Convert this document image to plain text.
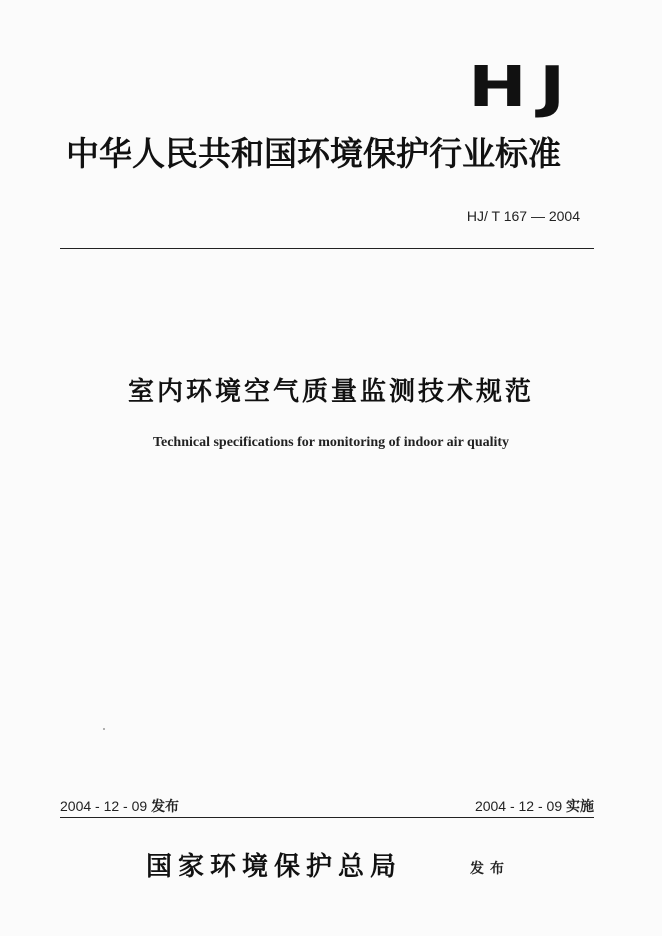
HJ
中华人民共和国环境保护行业标准
HJ/ T 167 — 2004
室内环境空气质量监测技术规范
Technical specifications for monitoring of indoor air quality
2004 - 12 - 09 发布	2004 - 12 - 09 实施
国家环境保护总局	发布
